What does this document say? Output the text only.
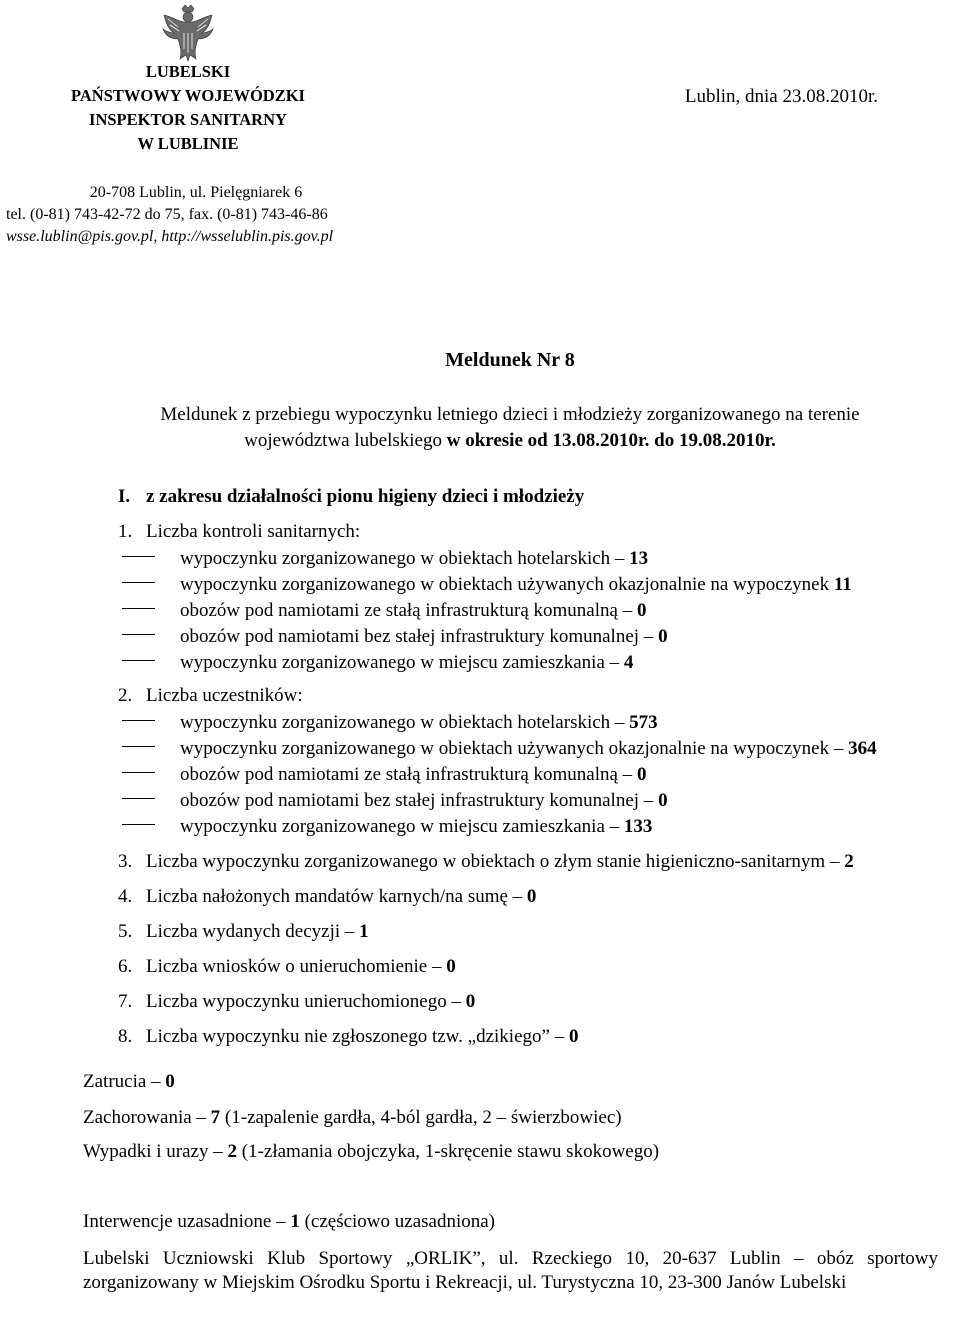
LUBELSKI
PAŃSTWOWY WOJEWÓDZKI
INSPEKTOR SANITARNY
W LUBLINIE
Lublin, dnia 23.08.2010r.
20-708 Lublin, ul. Pielęgniarek 6
tel. (0-81) 743-42-72 do 75, fax. (0-81) 743-46-86
wsse.lublin@pis.gov.pl, http://wsselublin.pis.gov.pl
Meldunek Nr 8
Meldunek z przebiegu wypoczynku letniego dzieci i młodzieży zorganizowanego na terenie
województwa lubelskiego w okresie od 13.08.2010r. do 19.08.2010r.
I. z zakresu działalności pionu higieny dzieci i młodzieży
1. Liczba kontroli sanitarnych:
wypoczynku zorganizowanego w obiektach hotelarskich – 13
wypoczynku zorganizowanego w obiektach używanych okazjonalnie na wypoczynek 11
obozów pod namiotami ze stałą infrastrukturą komunalną – 0
obozów pod namiotami bez stałej infrastruktury komunalnej – 0
wypoczynku zorganizowanego w miejscu zamieszkania – 4
2. Liczba uczestników:
wypoczynku zorganizowanego w obiektach hotelarskich – 573
wypoczynku zorganizowanego w obiektach używanych okazjonalnie na wypoczynek – 364
obozów pod namiotami ze stałą infrastrukturą komunalną – 0
obozów pod namiotami bez stałej infrastruktury komunalnej – 0
wypoczynku zorganizowanego w miejscu zamieszkania – 133
3. Liczba wypoczynku zorganizowanego w obiektach o złym stanie higieniczno-sanitarnym – 2
4. Liczba nałożonych mandatów karnych/na sumę – 0
5. Liczba wydanych decyzji – 1
6. Liczba wniosków o unieruchomienie – 0
7. Liczba wypoczynku unieruchomionego – 0
8. Liczba wypoczynku nie zgłoszonego tzw. „dzikiego” – 0
Zatrucia – 0
Zachorowania – 7 (1-zapalenie gardła, 4-ból gardła, 2 – świerzbowiec)
Wypadki i urazy – 2 (1-złamania obojczyka, 1-skręcenie stawu skokowego)
Interwencje uzasadnione – 1 (częściowo uzasadniona)
Lubelski Uczniowski Klub Sportowy „ORLIK”, ul. Rzeckiego 10, 20-637 Lublin – obóz sportowy zorganizowany w Miejskim Ośrodku Sportu i Rekreacji, ul. Turystyczna 10, 23-300 Janów Lubelski
